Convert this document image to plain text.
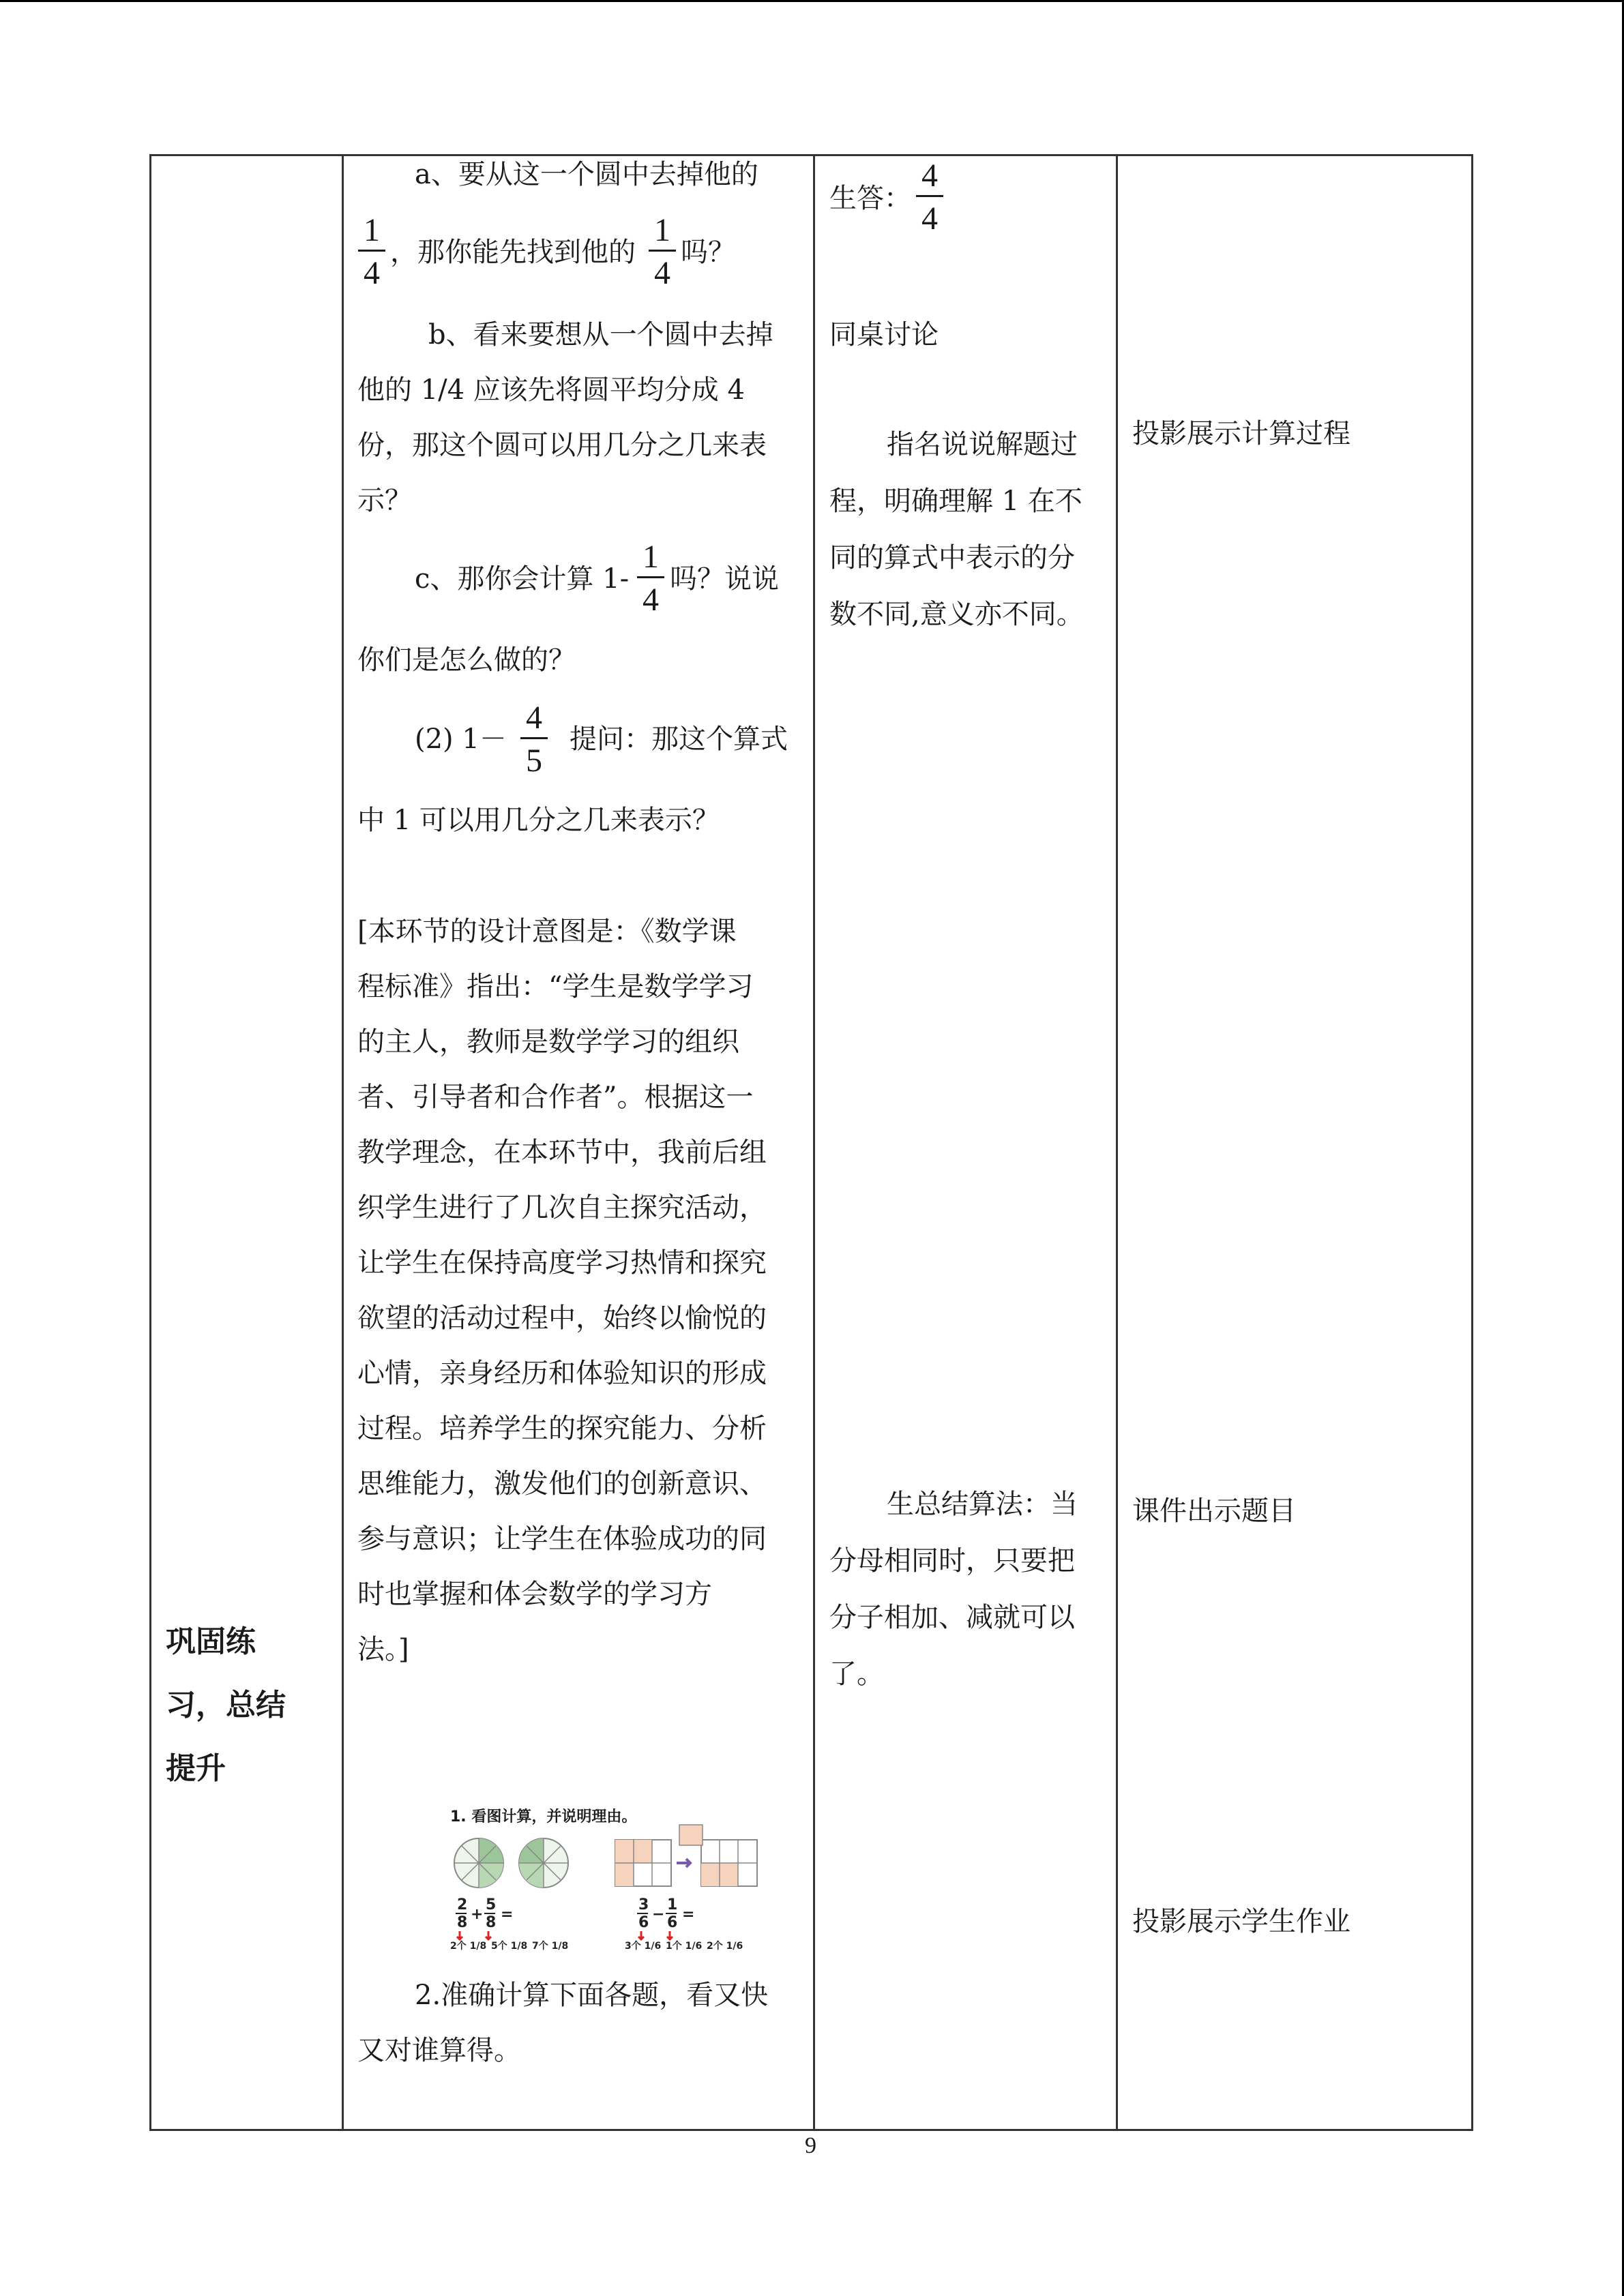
巩固练
习，总结
提升
a、要从这一个圆中去掉他的
1
4
，那你能先找到他的
1
4
吗？
b、看来要想从一个圆中去掉
他的 1/4 应该先将圆平均分成 4
份，那这个圆可以用几分之几来表
示？
c、那你会计算 1-
1
4
吗？说说
你们是怎么做的？
(2) 1－
4
5
提问：那这个算式
中 1 可以用几分之几来表示？
[本环节的设计意图是：《数学课
程标准》指出：“学生是数学学习
的主人，教师是数学学习的组织
者、引导者和合作者”。根据这一
教学理念，在本环节中，我前后组
织学生进行了几次自主探究活动，
让学生在保持高度学习热情和探究
欲望的活动过程中，始终以愉悦的
心情，亲身经历和体验知识的形成
过程。培养学生的探究能力、分析
思维能力，激发他们的创新意识、
参与意识；让学生在体验成功的同
时也掌握和体会数学的学习方
法。]
1. 看图计算，并说明理由。
2
8 +
5
8 =
3
6 −
1
6 =
2个 1/8 5个 1/8 7个 1/8	3个 1/6 1个 1/6 2个 1/6
2.准确计算下面各题，看又快
又对谁算得。
生答：
4
4
同桌讨论
指名说说解题过
程，明确理解 1 在不
同的算式中表示的分
数不同,意义亦不同。
生总结算法：当
分母相同时，只要把
分子相加、减就可以
了。
投影展示计算过程
课件出示题目
投影展示学生作业
9
